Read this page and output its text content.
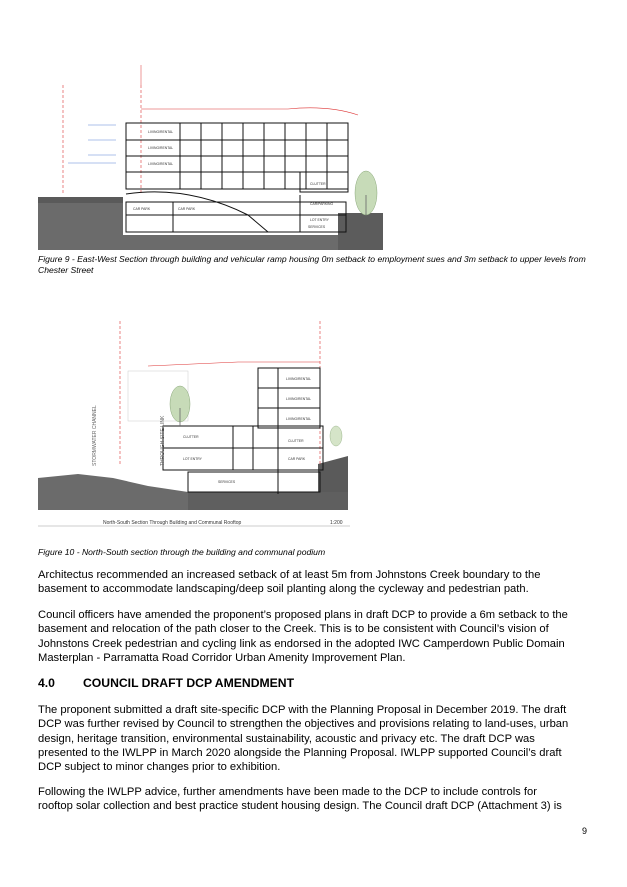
LIVING/RENTAL
LIVING/RENTAL
LIVING/RENTAL
CLUTTER
CAR/PARKING
LOT ENTRY
CAR PARK	CAR PARK
SERVICES
Figure 9 - East-West Section through building and vehicular ramp housing 0m setback to employment sues and 3m setback to upper levels from Chester Street
LIVING/RENTAL
LIVING/RENTAL
LIVING/RENTAL
CLUTTER
CLUTTER
LOT ENTRY
SERVICES
CAR PARK
STORMWATER CHANNEL	THROUGH SITE LINK
North-South Section Through Building and Communal Rooftop	1:200
Figure 10 - North-South section through the building and communal podium
Architectus recommended an increased setback of at least 5m from Johnstons Creek boundary to the
basement to accommodate landscaping/deep soil planting along the cycleway and pedestrian path.
Council officers have amended the proponent’s proposed plans in draft DCP to provide a 6m setback to the
basement and relocation of the path closer to the Creek. This is to be consistent with Council’s vision of
Johnstons Creek pedestrian and cycling link as endorsed in the adopted IWC Camperdown Public Domain
Masterplan - Parramatta Road Corridor Urban Amenity Improvement Plan.
4.0 COUNCIL DRAFT DCP AMENDMENT
The proponent submitted a draft site-specific DCP with the Planning Proposal in December 2019. The draft
DCP was further revised by Council to strengthen the objectives and provisions relating to land-uses, urban
design, heritage transition, environmental sustainability, acoustic and privacy etc. The draft DCP was
presented to the IWLPP in March 2020 alongside the Planning Proposal. IWLPP supported Council’s draft
DCP subject to minor changes prior to exhibition.
Following the IWLPP advice, further amendments have been made to the DCP to include controls for
rooftop solar collection and best practice student housing design. The Council draft DCP (Attachment 3) is
9
